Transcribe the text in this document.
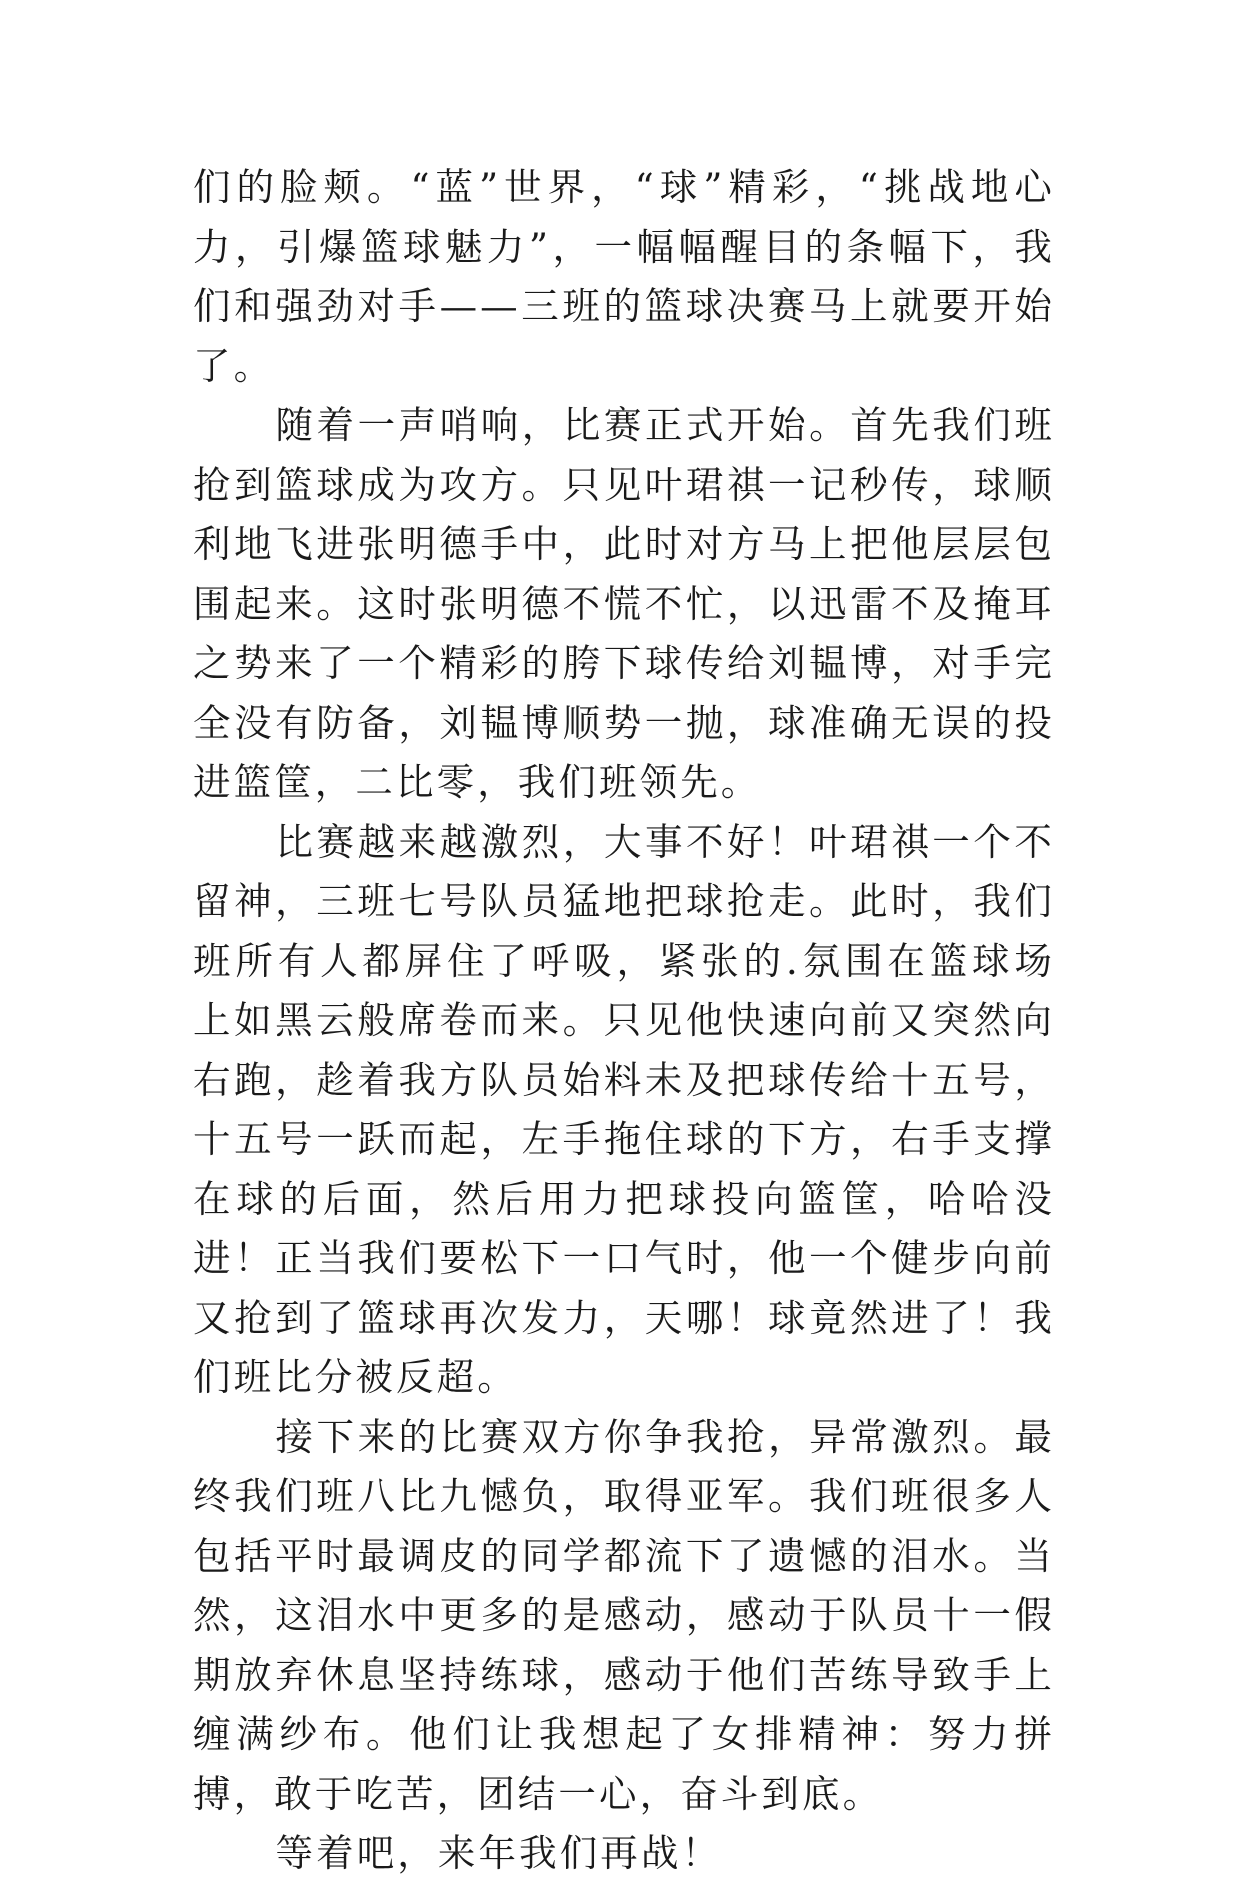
们的脸颊。“蓝”世界，“球”精彩，“挑战地心力，引爆篮球魅力”，一幅幅醒目的条幅下，我们和强劲对手——三班的篮球决赛马上就要开始了。

随着一声哨响，比赛正式开始。首先我们班抢到篮球成为攻方。只见叶珺祺一记秒传，球顺利地飞进张明德手中，此时对方马上把他层层包围起来。这时张明德不慌不忙，以迅雷不及掩耳之势来了一个精彩的胯下球传给刘韫博，对手完全没有防备，刘韫博顺势一抛，球准确无误的投进篮筐，二比零，我们班领先。

比赛越来越激烈，大事不好！叶珺祺一个不留神，三班七号队员猛地把球抢走。此时，我们班所有人都屏住了呼吸，紧张的.氛围在篮球场上如黑云般席卷而来。只见他快速向前又突然向右跑，趁着我方队员始料未及把球传给十五号，十五号一跃而起，左手拖住球的下方，右手支撑在球的后面，然后用力把球投向篮筐，哈哈没进！正当我们要松下一口气时，他一个健步向前又抢到了篮球再次发力，天哪！球竟然进了！我们班比分被反超。

接下来的比赛双方你争我抢，异常激烈。最终我们班八比九憾负，取得亚军。我们班很多人包括平时最调皮的同学都流下了遗憾的泪水。当然，这泪水中更多的是感动，感动于队员十一假期放弃休息坚持练球，感动于他们苦练导致手上缠满纱布。他们让我想起了女排精神：努力拼搏，敢于吃苦，团结一心，奋斗到底。

等着吧，来年我们再战！
